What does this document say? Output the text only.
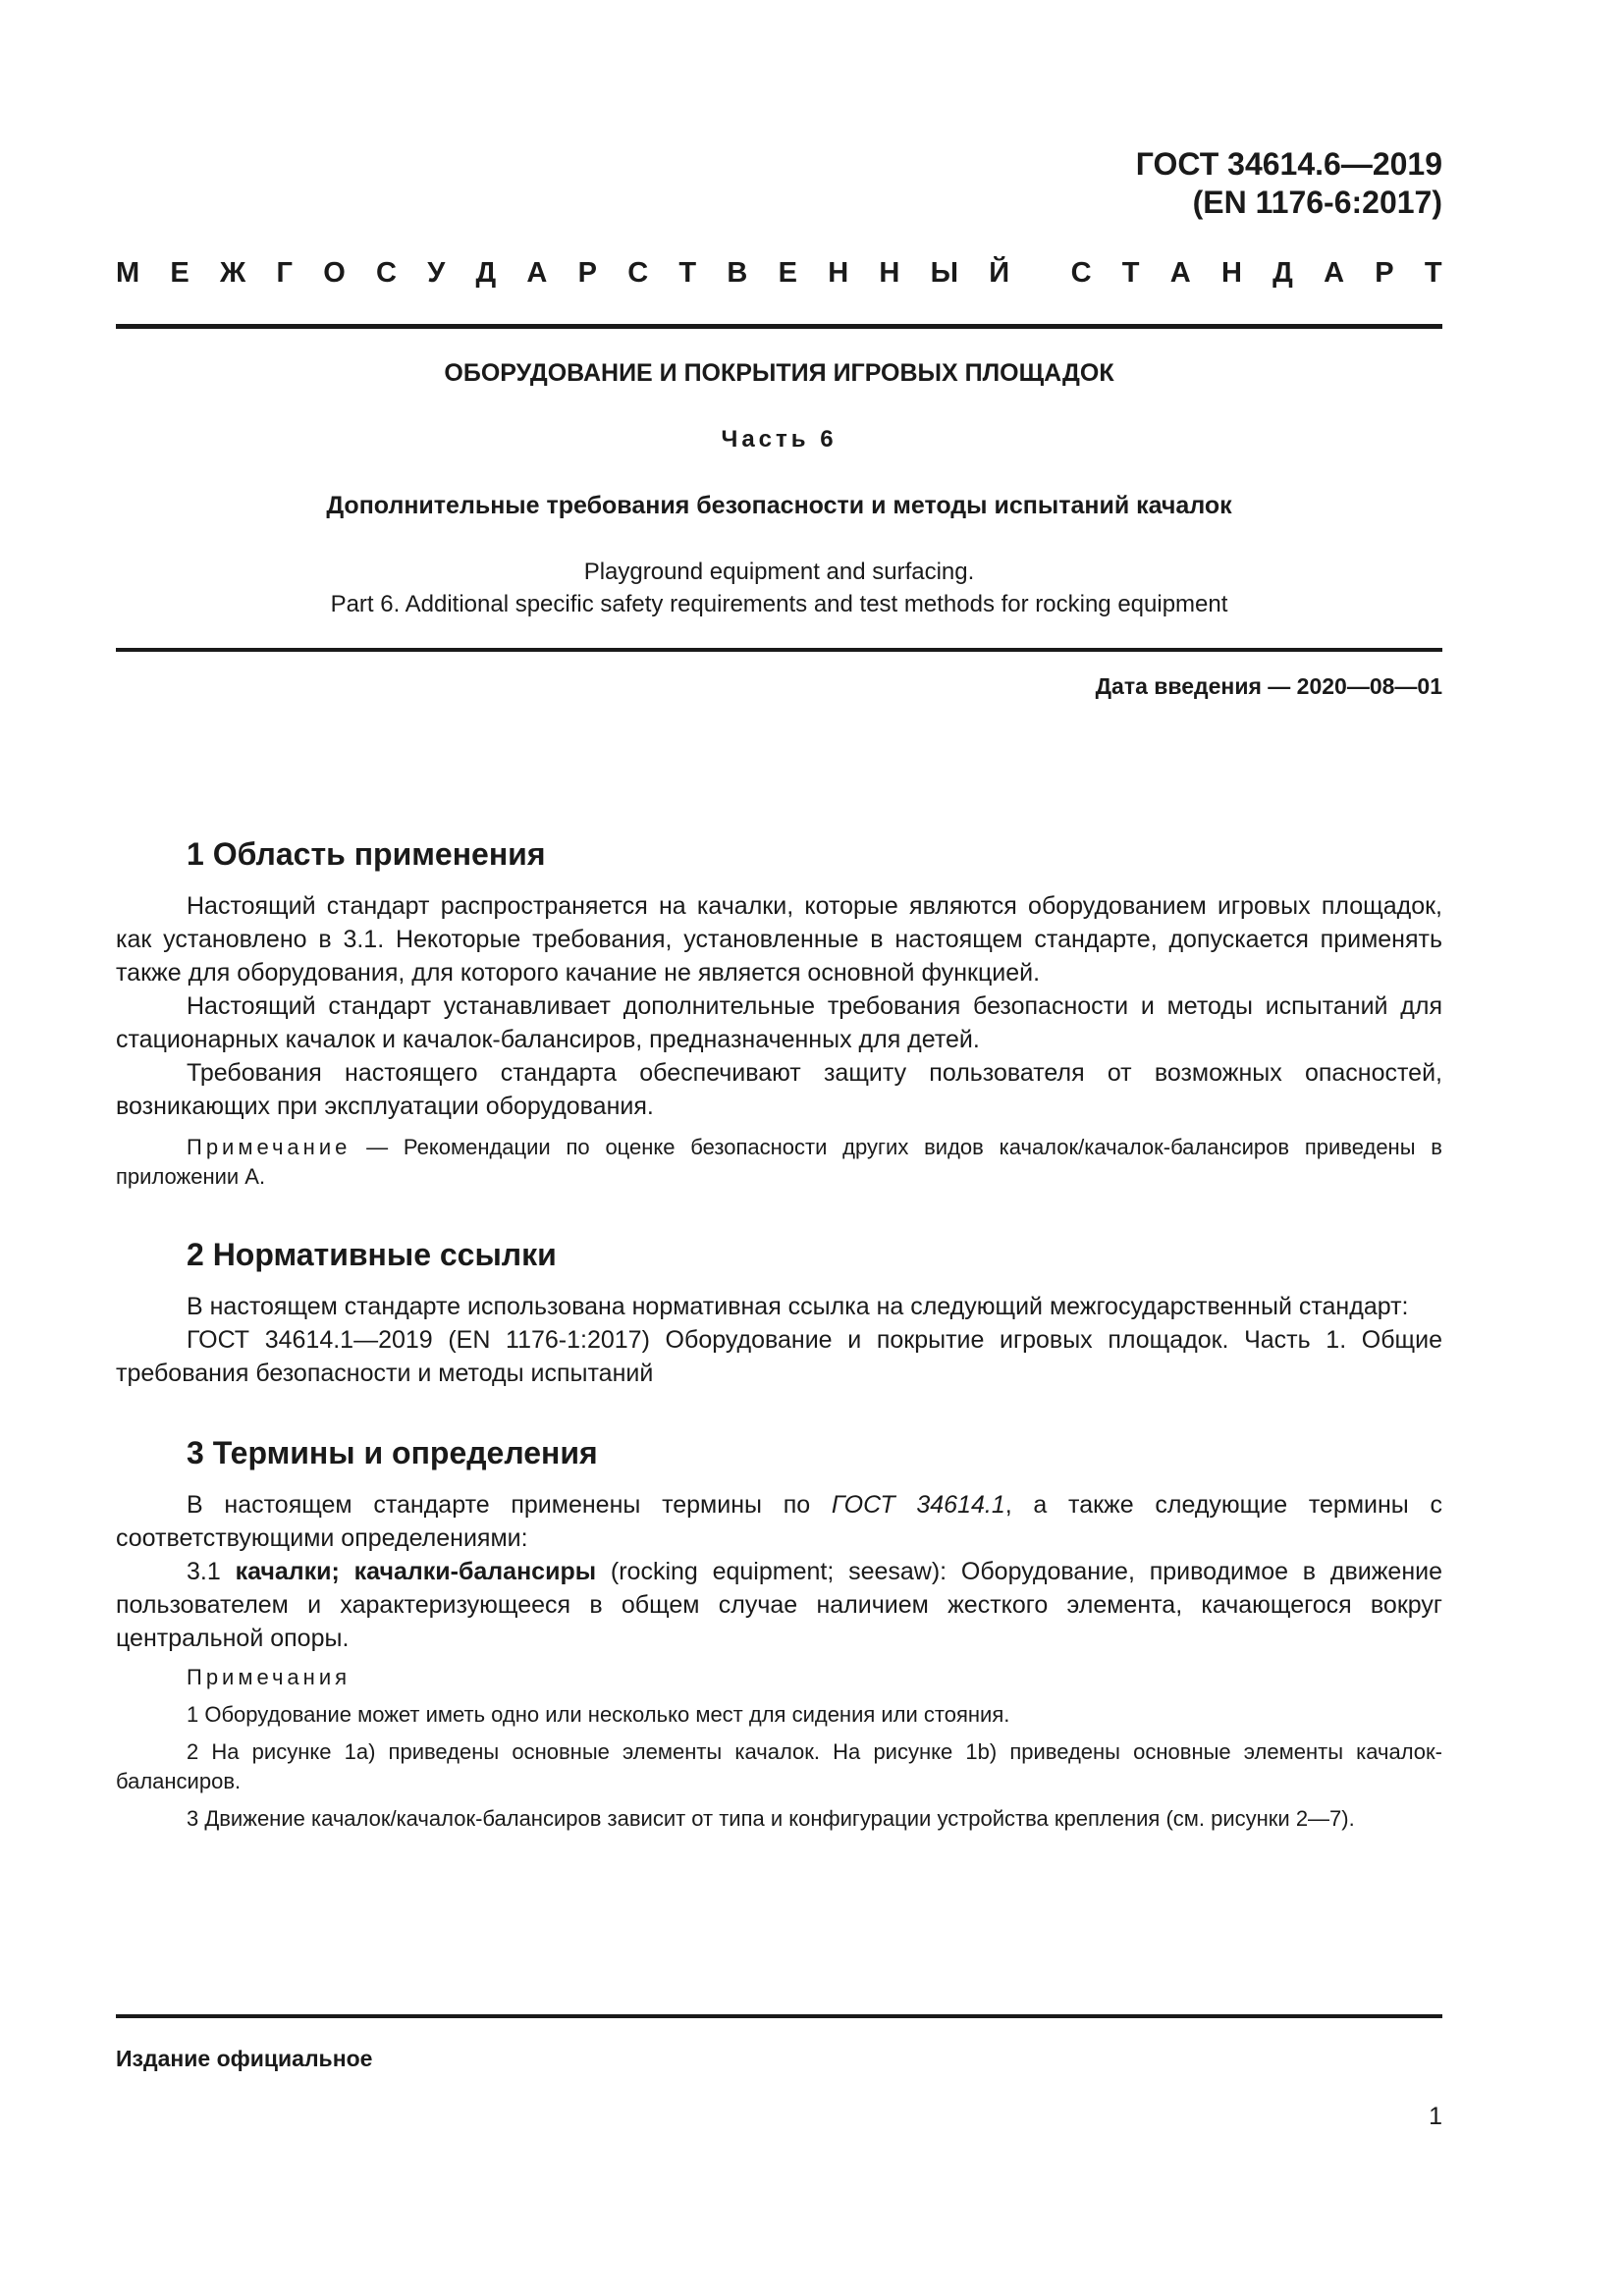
ГОСТ 34614.6—2019
(EN 1176-6:2017)
М Е Ж Г О С У Д А Р С Т В Е Н Н Ы Й С Т А Н Д А Р Т
ОБОРУДОВАНИЕ И ПОКРЫТИЯ ИГРОВЫХ ПЛОЩАДОК
Часть 6
Дополнительные требования безопасности и методы испытаний качалок
Playground equipment and surfacing.
Part 6. Additional specific safety requirements and test methods for rocking equipment
Дата введения — 2020—08—01
1 Область применения

Настоящий стандарт распространяется на качалки, которые являются оборудованием игровых площадок, как установлено в 3.1. Некоторые требования, установленные в настоящем стандарте, допускается применять также для оборудования, для которого качание не является основной функцией.

Настоящий стандарт устанавливает дополнительные требования безопасности и методы испытаний для стационарных качалок и качалок-балансиров, предназначенных для детей.

Требования настоящего стандарта обеспечивают защиту пользователя от возможных опасностей, возникающих при эксплуатации оборудования.

Примечание — Рекомендации по оценке безопасности других видов качалок/качалок-балансиров приведены в приложении А.

2 Нормативные ссылки

В настоящем стандарте использована нормативная ссылка на следующий межгосударственный стандарт:

ГОСТ 34614.1—2019 (EN 1176-1:2017) Оборудование и покрытие игровых площадок. Часть 1. Общие требования безопасности и методы испытаний

3 Термины и определения

В настоящем стандарте применены термины по ГОСТ 34614.1, а также следующие термины с соответствующими определениями:

3.1 качалки; качалки-балансиры (rocking equipment; seesaw): Оборудование, приводимое в движение пользователем и характеризующееся в общем случае наличием жесткого элемента, качающегося вокруг центральной опоры.

Примечания

1 Оборудование может иметь одно или несколько мест для сидения или стояния.

2 На рисунке 1a) приведены основные элементы качалок. На рисунке 1b) приведены основные элементы качалок-балансиров.

3 Движение качалок/качалок-балансиров зависит от типа и конфигурации устройства крепления (см. рисунки 2—7).

Издание официальное
1
